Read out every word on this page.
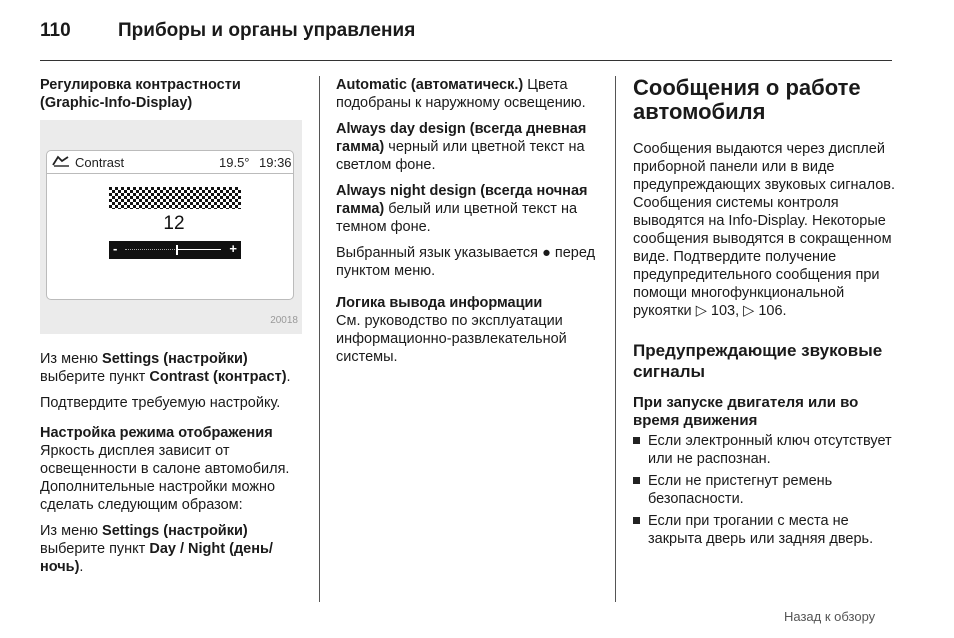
110 Приборы и органы управления

Регулировка контрастности (Graphic-Info-Display)

Contrast	19.5° 19:36
12
-	+
20018

Из меню Settings (настройки) выберите пункт Contrast (контраст).

Подтвердите требуемую настройку.

Настройка режима отображения

Яркость дисплея зависит от освещенности в салоне автомобиля. Дополнительные настройки можно сделать следующим образом:

Из меню Settings (настройки) выберите пункт Day / Night (день/ночь).

Automatic (автоматическ.) Цвета подобраны к наружному освещению.

Always day design (всегда дневная гамма) черный или цветной текст на светлом фоне.

Always night design (всегда ночная гамма) белый или цветной текст на темном фоне.

Выбранный язык указывается ● перед пунктом меню.

Логика вывода информации

См. руководство по эксплуатации информационно-развлекательной системы.

Сообщения о работе автомобиля

Сообщения выдаются через дисплей приборной панели или в виде предупреждающих звуковых сигналов. Сообщения системы контроля выводятся на Info-Display. Некоторые сообщения выводятся в сокращенном виде. Подтвердите получение предупредительного сообщения при помощи многофункциональной рукоятки ▷ 103, ▷ 106.

Предупреждающие звуковые сигналы
При запуске двигателя или во время движения
Если электронный ключ отсутствует или не распознан.
Если не пристегнут ремень безопасности.
Если при трогании с места не закрыта дверь или задняя дверь.
Назад к обзору
